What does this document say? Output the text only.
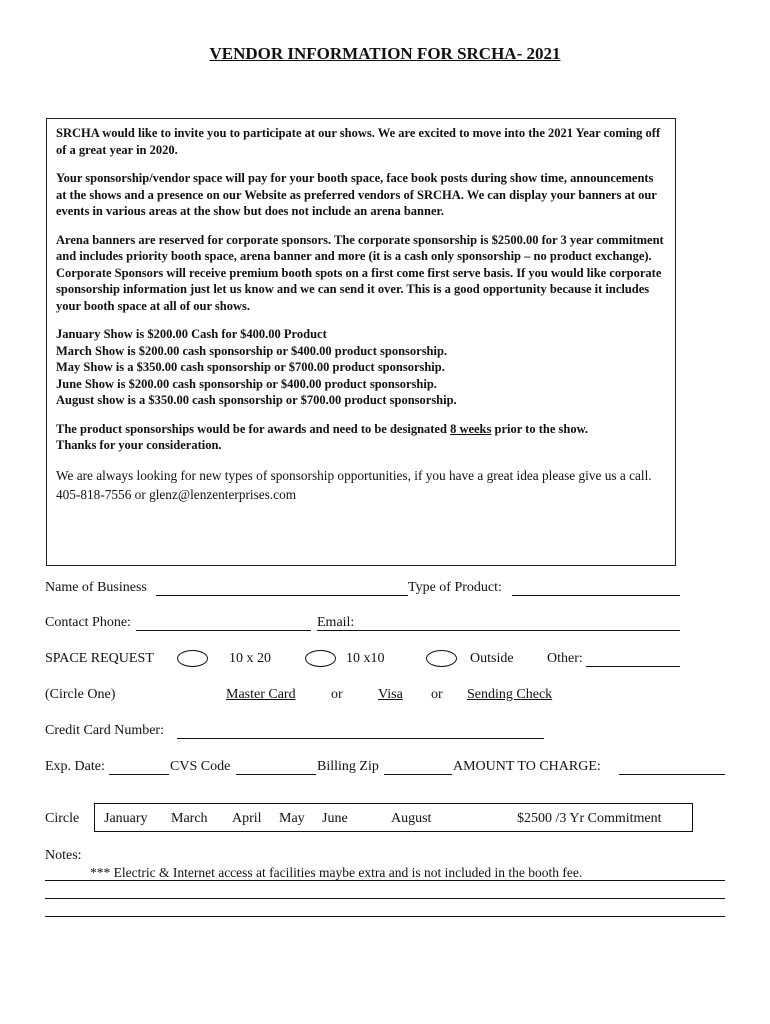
VENDOR INFORMATION FOR SRCHA- 2021

SRCHA would like to invite you to participate at our shows. We are excited to move into the 2021 Year coming off of a great year in 2020.

Your sponsorship/vendor space will pay for your booth space, face book posts during show time, announcements at the shows and a presence on our Website as preferred vendors of SRCHA. We can display your banners at our events in various areas at the show but does not include an arena banner.

Arena banners are reserved for corporate sponsors. The corporate sponsorship is $2500.00 for 3 year commitment and includes priority booth space, arena banner and more (it is a cash only sponsorship – no product exchange). Corporate Sponsors will receive premium booth spots on a first come first serve basis. If you would like corporate sponsorship information just let us know and we can send it over. This is a good opportunity because it includes your booth space at all of our shows.

January Show is $200.00 Cash for $400.00 Product
March Show is $200.00 cash sponsorship or $400.00 product sponsorship.
May Show is a $350.00 cash sponsorship or $700.00 product sponsorship.
June Show is $200.00 cash sponsorship or $400.00 product sponsorship.
August show is a $350.00 cash sponsorship or $700.00 product sponsorship.

The product sponsorships would be for awards and need to be designated 8 weeks prior to the show.
Thanks for your consideration.

We are always looking for new types of sponsorship opportunities, if you have a great idea please give us a call. 405-818-7556 or glenz@lenzenterprises.com

Name of Business	Type of Product:
Contact Phone:	Email:
SPACE REQUEST	10 x 20	10 x10	Outside Other:
(Circle One)	Master Card	or	Visa or Sending Check
Credit Card Number:
Exp. Date:	CVS Code	Billing Zip	AMOUNT TO CHARGE:
Circle January March April May June	August	$2500 /3 Yr Commitment
Notes:
*** Electric & Internet access at facilities maybe extra and is not included in the booth fee.
